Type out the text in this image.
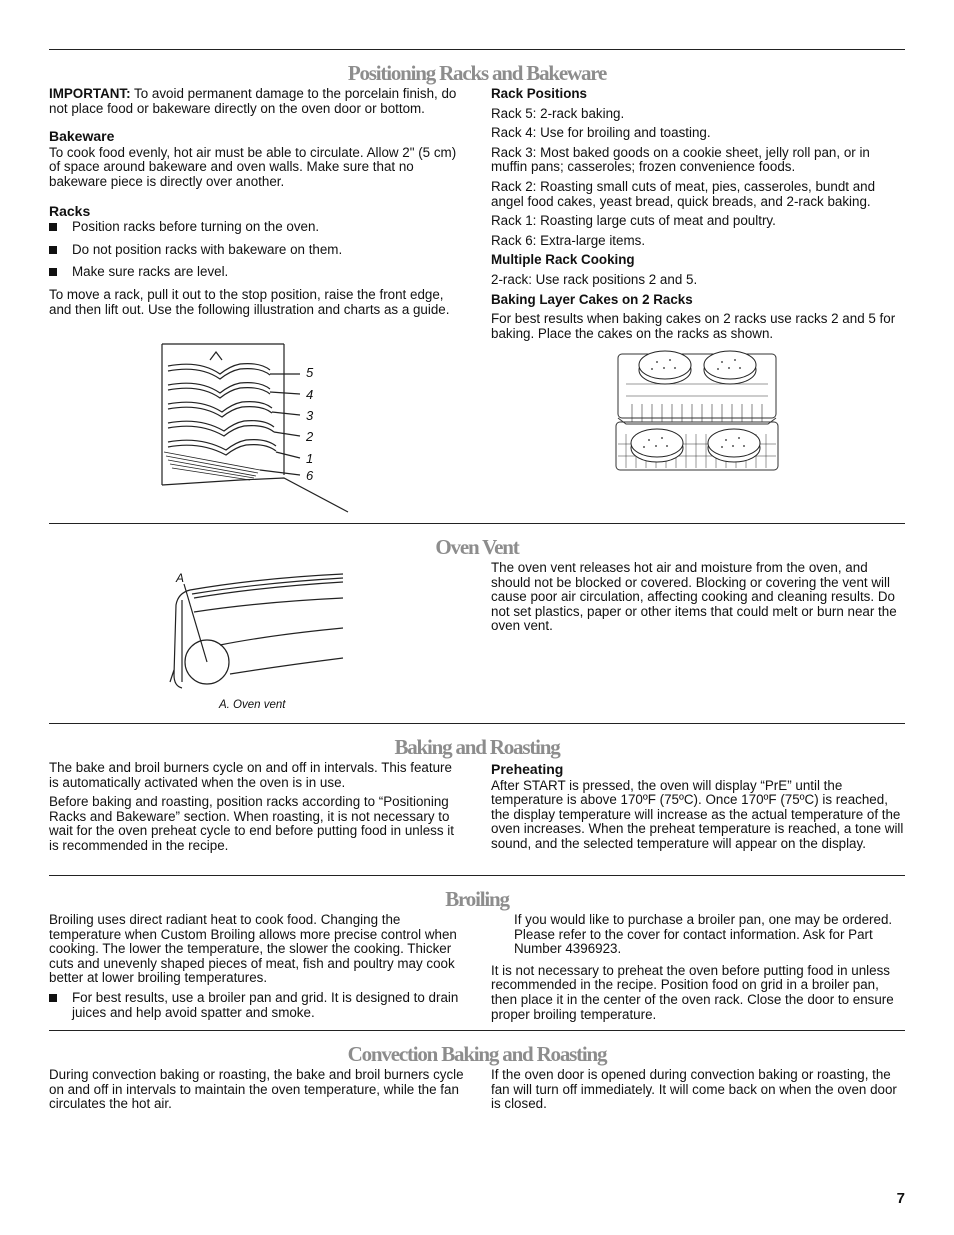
Positioning Racks and Bakeware

IMPORTANT: To avoid permanent damage to the porcelain finish, do not place food or bakeware directly on the oven door or bottom.

Bakeware

To cook food evenly, hot air must be able to circulate. Allow 2" (5 cm) of space around bakeware and oven walls. Make sure that no bakeware piece is directly over another.

Racks
Position racks before turning on the oven.
Do not position racks with bakeware on them.
Make sure racks are level.

To move a rack, pull it out to the stop position, raise the front edge, and then lift out. Use the following illustration and charts as a guide.

5
4
3
2
1
6
Rack Positions

Rack 5: 2-rack baking.

Rack 4: Use for broiling and toasting.

Rack 3: Most baked goods on a cookie sheet, jelly roll pan, or in muffin pans; casseroles; frozen convenience foods.

Rack 2: Roasting small cuts of meat, pies, casseroles, bundt and angel food cakes, yeast bread, quick breads, and 2-rack baking.

Rack 1: Roasting large cuts of meat and poultry.

Rack 6: Extra-large items.

Multiple Rack Cooking

2-rack: Use rack positions 2 and 5.

Baking Layer Cakes on 2 Racks

For best results when baking cakes on 2 racks use racks 2 and 5 for baking. Place the cakes on the racks as shown.

Oven Vent
A
A. Oven vent

The oven vent releases hot air and moisture from the oven, and should not be blocked or covered. Blocking or covering the vent will cause poor air circulation, affecting cooking and cleaning results. Do not set plastics, paper or other items that could melt or burn near the oven vent.

Baking and Roasting

The bake and broil burners cycle on and off in intervals. This feature is automatically activated when the oven is in use.

Before baking and roasting, position racks according to “Positioning Racks and Bakeware” section. When roasting, it is not necessary to wait for the oven preheat cycle to end before putting food in unless it is recommended in the recipe.

Preheating

After START is pressed, the oven will display “PrE” until the temperature is above 170ºF (75ºC). Once 170ºF (75ºC) is reached, the display temperature will increase as the actual temperature of the oven increases. When the preheat temperature is reached, a tone will sound, and the selected temperature will appear on the display.

Broiling

Broiling uses direct radiant heat to cook food. Changing the temperature when Custom Broiling allows more precise control when cooking. The lower the temperature, the slower the cooking. Thicker cuts and unevenly shaped pieces of meat, fish and poultry may cook better at lower broiling temperatures.

For best results, use a broiler pan and grid. It is designed to drain juices and help avoid spatter and smoke.

If you would like to purchase a broiler pan, one may be ordered. Please refer to the cover for contact information. Ask for Part Number 4396923.

It is not necessary to preheat the oven before putting food in unless recommended in the recipe. Position food on grid in a broiler pan, then place it in the center of the oven rack. Close the door to ensure proper broiling temperature.

Convection Baking and Roasting

During convection baking or roasting, the bake and broil burners cycle on and off in intervals to maintain the oven temperature, while the fan circulates the hot air.

If the oven door is opened during convection baking or roasting, the fan will turn off immediately. It will come back on when the oven door is closed.

7
